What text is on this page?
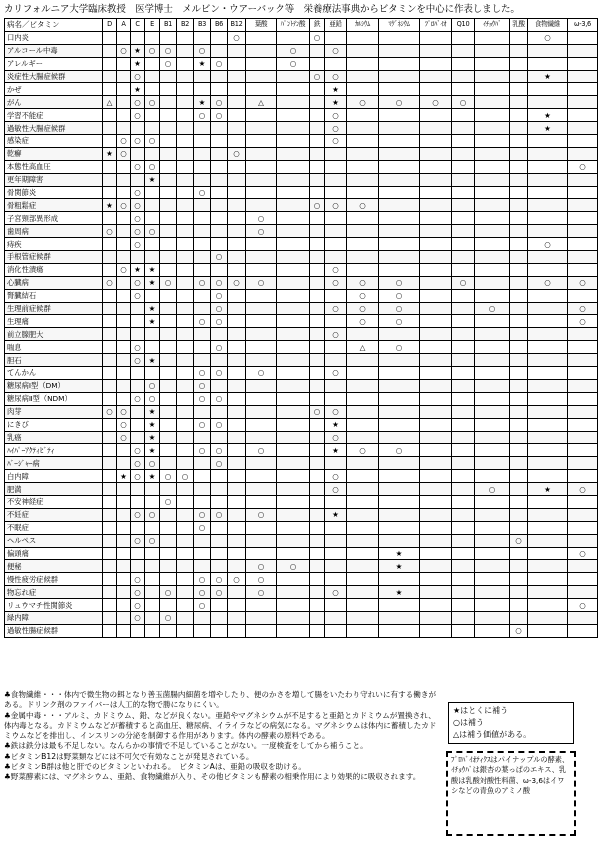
カリフォルニア大学臨床教授　医学博士　メルビン・ウアーバック等　栄養療法事典からビタミンを中心に作表しました。
病名／ビタミン	D	A	C	E	B1	B2	B3	B6	B12	葉酸	ﾊﾟﾝﾄﾃﾝ酸	鉄	亜鉛	ｶﾙｼｳﾑ	ﾏｸﾞﾈｼｳﾑ	ﾌﾟﾛﾊﾞｲｵ	Q10	ｲﾁｮｳﾊﾞ	乳酸	食物繊維	ω-3,6
口内炎									○			○								○	
アルコール中毒		○	★	○	○		○				○		○								
アレルギー			★		○		★	○			○										
炎症性大腸症候群			○									○	○							★	
かぜ			★										★								
がん	△		○	○			★	○		△			★	○	○	○	○				
学習不能症			○				○	○					○							★	
過敏性大腸症候群													○							★	
感染症		○	○	○									○								
乾癬	★	○							○												
本態性高血圧			○	○																	○
更年期障害				★																	
骨関節炎			○				○														
骨粗鬆症	★	○	○									○	○	○							
子宮頸部異形成			○							○											
歯周病	○		○	○						○											
痔疾			○																	○	
手根管症候群								○													
消化性潰瘍		○	★	★									○								
心臓病	○		○	★	○		○	○	○	○			○	○	○		○			○	○
腎臓結石			○					○						○	○						
生理前症候群				★				○					○	○	○			○			○
生理痛				★			○	○						○	○						○
前立腺肥大													○								
喘息			○					○						△	○						
胆石			○	★																	
てんかん							○	○		○			○								
糖尿病Ⅰ型（DM）				○			○														
糖尿病Ⅱ型（NDM）			○	○			○	○													
肉芽	○	○		★								○	○								
にきび		○		★			○	○					★								
乳癌		○		★									○								
ﾊｲﾊﾟｰｱｸﾃｨﾋﾞﾃｨ			○	★			○	○		○			★	○	○						
ﾊﾞｰｼﾞｬｰ病			○	○				○													
白内障		★	○	★	○	○							○								
肥満													○					○		★	○
不安神経症					○																
不妊症			○	○			○	○		○			★								
不眠症							○														
ヘルペス			○	○															○		
偏頭痛															★						○
便秘										○	○				★						
慢性疲労症候群			○				○	○	○	○											
物忘れ症			○		○		○	○		○			○		★						
リュウマチ性関節炎			○				○														○
緑内障			○		○																
過敏性腸症候群																			○		

♣食物繊維・・・体内で微生物の餌となり善玉菌腸内細菌を増やしたり、便のかさを増して腸をいたわり守れいに有する働きがある。ドリンク剤のファイバーは人工的な物で勝になりにくい。

♣金属中毒・・・アルミ、カドミウム、鉛、などが良くない。亜鉛やマグネシウムが不足すると亜鉛とカドミウムが置換され、体内毒となる。カドミウムなどが蓄積すると高血圧、糖尿病、イライラなどの病気になる。マグネシウムは体内に蓄積したカドミウムなどを排出し、インスリンの分泌を制御する作用があります。体内の酵素の原料である。

♣鉄は鉄分は最も不足しない。なんらかの事情で不足していることがない。一度検査をしてから補うこと。

♣ビタミンB12は野菜類などには不可欠で有効なことが発見されている。

♣ビタミンB群は他と肝でのビタミンといわれる。　ビタミンAは、亜鉛の吸収を助ける。

♣野菜酵素には、マグネシウム、亜鉛、食物繊維が入り、その他ビタミンも酵素の相乗作用により効果的に吸収されます。

★はとくに補う

○は補う

△は補う価値がある。

ﾌﾟﾛﾊﾞｲｵﾃｨｸｽはパイナップルの酵素、ｲﾁｮｳﾊﾞは銀杏の葉っぱのエキス、乳酸は乳酸対酸性料菌、ω-3,6はイワシなどの青魚のアミノ酸
